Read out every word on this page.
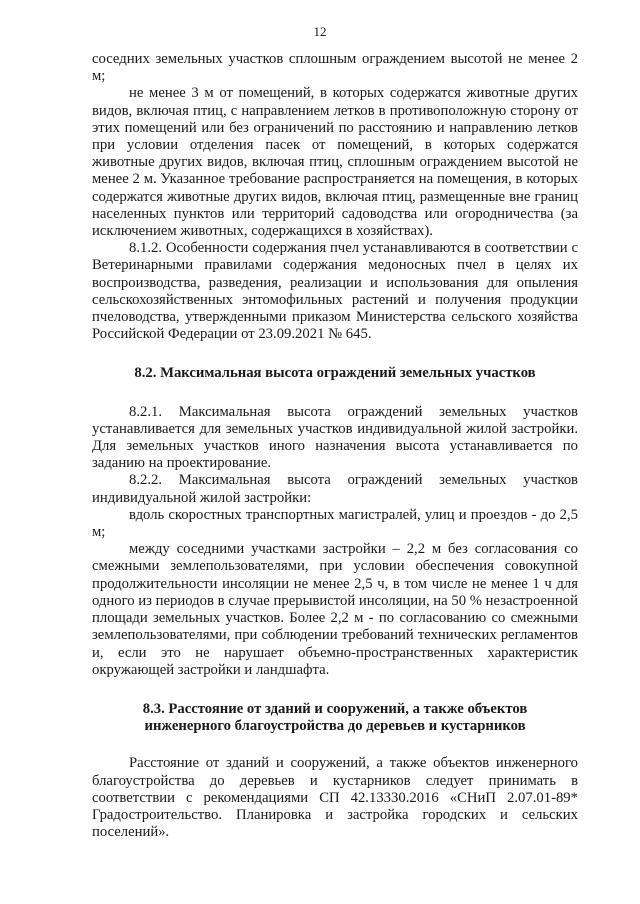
12

соседних земельных участков сплошным ограждением высотой не менее 2 м;

не менее 3 м от помещений, в которых содержатся животные других видов, включая птиц, с направлением летков в противоположную сторону от этих помещений или без ограничений по расстоянию и направлению летков при условии отделения пасек от помещений, в которых содержатся животные других видов, включая птиц, сплошным ограждением высотой не менее 2 м. Указанное требование распространяется на помещения, в которых содержатся животные других видов, включая птиц, размещенные вне границ населенных пунктов или территорий садоводства или огородничества (за исключением животных, содержащихся в хозяйствах).

8.1.2. Особенности содержания пчел устанавливаются в соответствии с Ветеринарными правилами содержания медоносных пчел в целях их воспроизводства, разведения, реализации и использования для опыления сельскохозяйственных энтомофильных растений и получения продукции пчеловодства, утвержденными приказом Министерства сельского хозяйства Российской Федерации от 23.09.2021 № 645.

8.2. Максимальная высота ограждений земельных участков

8.2.1. Максимальная высота ограждений земельных участков устанавливается для земельных участков индивидуальной жилой застройки. Для земельных участков иного назначения высота устанавливается по заданию на проектирование.

8.2.2. Максимальная высота ограждений земельных участков индивидуальной жилой застройки:

вдоль скоростных транспортных магистралей, улиц и проездов - до 2,5 м;

между соседними участками застройки – 2,2 м без согласования со смежными землепользователями, при условии обеспечения совокупной продолжительности инсоляции не менее 2,5 ч, в том числе не менее 1 ч для одного из периодов в случае прерывистой инсоляции, на 50 % незастроенной площади земельных участков. Более 2,2 м - по согласованию со смежными землепользователями, при соблюдении требований технических регламентов и, если это не нарушает объемно-пространственных характеристик окружающей застройки и ландшафта.

8.3. Расстояние от зданий и сооружений, а также объектов
инженерного благоустройства до деревьев и кустарников

Расстояние от зданий и сооружений, а также объектов инженерного благоустройства до деревьев и кустарников следует принимать в соответствии с рекомендациями СП 42.13330.2016 «СНиП 2.07.01-89* Градостроительство. Планировка и застройка городских и сельских поселений».
